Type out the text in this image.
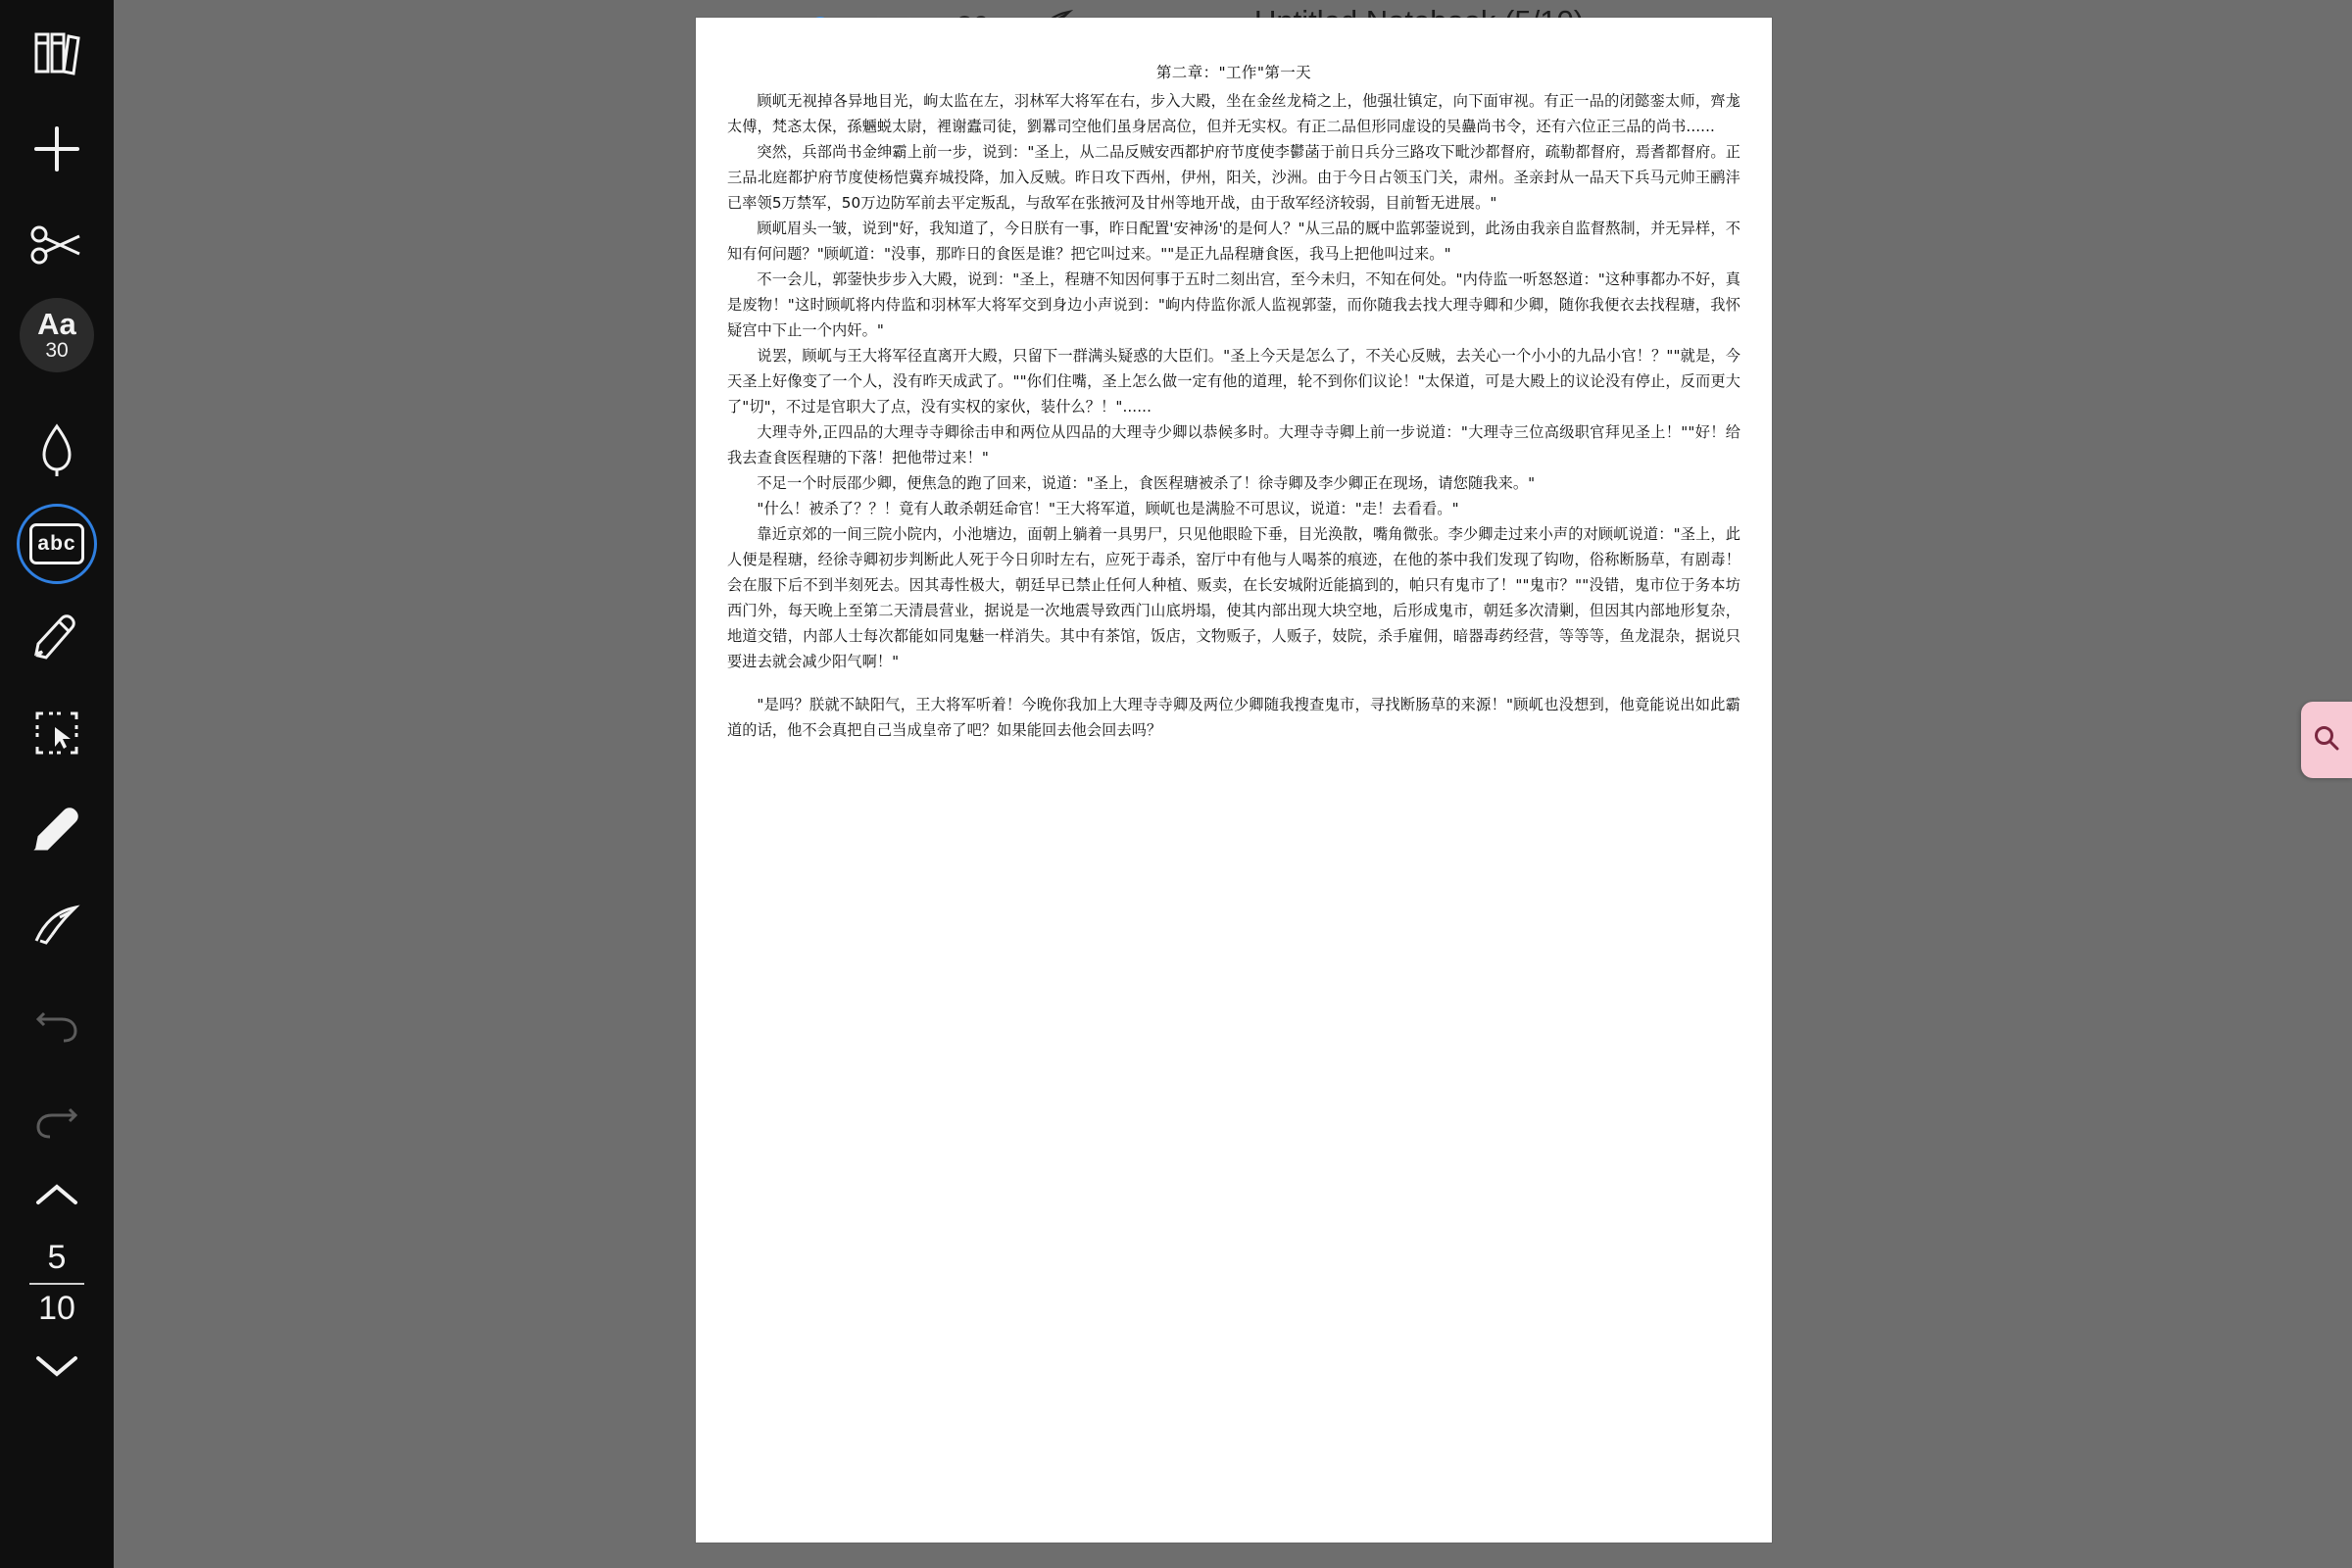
Aa
30
abc
5
10
第二章："工作"第一天

顾屼无视掉各异地目光，岣太监在左，羽林军大将军在右，步入大殿，坐在金丝龙椅之上，他强壮镇定，向下面审视。有正一品的闭懿銮太师，齊尨太傅，梵忞太保，孫魎蜕太尉，裡谢蠹司徒，劉羃司空他们虽身居高位，但并无实权。有正二品但形同虚设的吴蠱尚书令，还有六位正三品的尚书......

突然，兵部尚书金绅霸上前一步，说到："圣上，从二品反贼安西都护府节度使李鬱菡于前日兵分三路攻下毗沙都督府，疏勒都督府，焉耆都督府。正三品北庭都护府节度使杨恺冀弃城投降，加入反贼。昨日攻下西州，伊州，阳关，沙洲。由于今日占领玉门关，肃州。圣亲封从一品天下兵马元帅王鹂沣已率领5万禁军，50万边防军前去平定叛乱，与敌军在张掖河及甘州等地开战，由于敌军经济较弱，目前暂无进展。"

顾屼眉头一皱，说到"好，我知道了，今日朕有一事，昨日配置'安神汤'的是何人？"从三品的厩中监郭蓥说到，此汤由我亲自监督熬制，并无异样，不知有何问题？"顾屼道："没事，那昨日的食医是谁？把它叫过来。""是正九品程瑭食医，我马上把他叫过来。"

不一会儿，郭蓥快步步入大殿，说到："圣上，程瑭不知因何事于五时二刻出宫，至今未归，不知在何处。"内侍监一听怒怒道："这种事都办不好，真是废物！"这时顾屼将内侍监和羽林军大将军交到身边小声说到："岣内侍监你派人监视郭蓥，而你随我去找大理寺卿和少卿，随你我便衣去找程瑭，我怀疑宫中下止一个内奸。"

说罢，顾屼与王大将军径直离开大殿，只留下一群满头疑惑的大臣们。"圣上今天是怎么了，不关心反贼，去关心一个小小的九品小官！？""就是，今天圣上好像变了一个人，没有昨天成武了。""你们住嘴，圣上怎么做一定有他的道理，轮不到你们议论！"太保道，可是大殿上的议论没有停止，反而更大了"切"，不过是官职大了点，没有实权的家伙，装什么？！"......

大理寺外,正四品的大理寺寺卿徐击申和两位从四品的大理寺少卿以恭候多时。大理寺寺卿上前一步说道："大理寺三位高级职官拜见圣上！""好！给我去查食医程瑭的下落！把他带过来！"

不足一个时辰邵少卿，便焦急的跑了回来，说道："圣上，食医程瑭被杀了！徐寺卿及李少卿正在现场，请您随我来。"

"什么！被杀了？？！竟有人敢杀朝廷命官！"王大将军道，顾屼也是满脸不可思议，说道："走！去看看。"

靠近京郊的一间三院小院内，小池塘边，面朝上躺着一具男尸，只见他眼睑下垂，目光涣散，嘴角微张。李少卿走过来小声的对顾屼说道："圣上，此人便是程瑭，经徐寺卿初步判断此人死于今日卯时左右，应死于毒杀，窑厅中有他与人喝茶的痕迹，在他的茶中我们发现了钩吻，俗称断肠草，有剧毒！会在服下后不到半刻死去。因其毒性极大，朝廷早已禁止任何人种植、贩卖，在长安城附近能搞到的，帕只有鬼市了！""鬼市？""没错，鬼市位于务本坊西门外，每天晚上至第二天清晨营业，据说是一次地震导致西门山底坍塌，使其内部出现大块空地，后形成鬼市，朝廷多次清剿，但因其内部地形复杂，地道交错，内部人士每次都能如同鬼魅一样消失。其中有茶馆，饭店，文物贩子，人贩子，妓院，杀手雇佣，暗器毒药经营，等等等，鱼龙混杂，据说只要进去就会减少阳气啊！"

"是吗？朕就不缺阳气，王大将军听着！今晚你我加上大理寺寺卿及两位少卿随我搜查鬼市，寻找断肠草的来源！"顾屼也没想到，他竟能说出如此霸道的话，他不会真把自己当成皇帝了吧？如果能回去他会回去吗？
